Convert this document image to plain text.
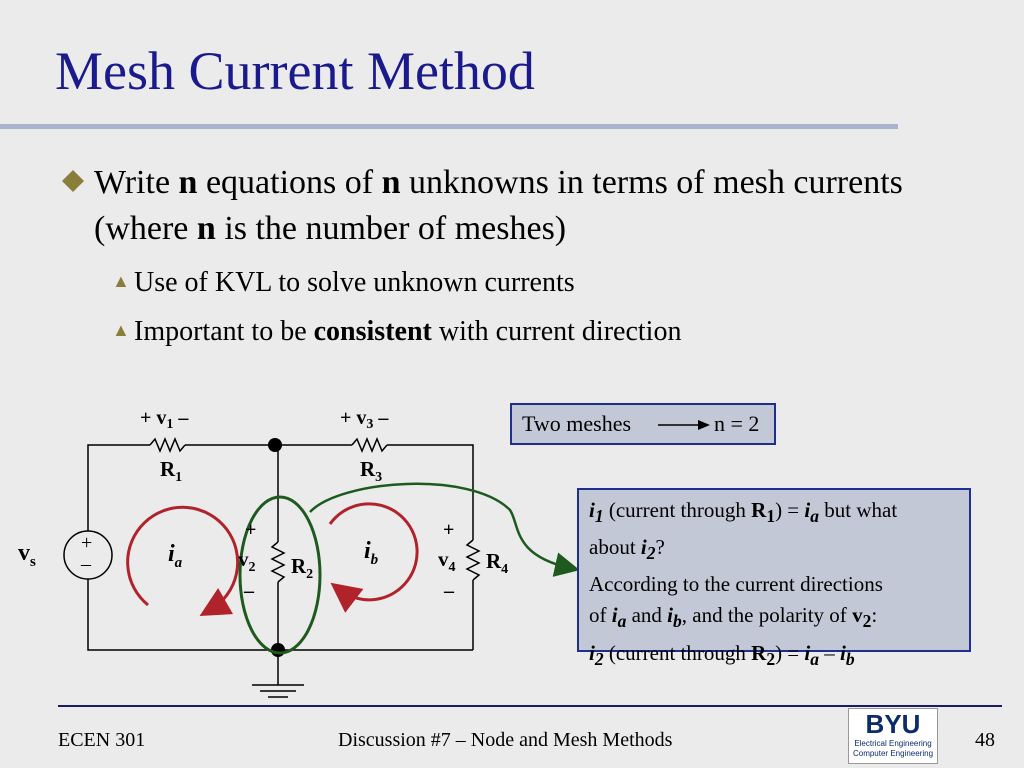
Mesh Current Method
Write n equations of n unknowns in terms of mesh currents (where n is the number of meshes)
▲ Use of KVL to solve unknown currents
▲ Important to be consistent with current direction
Two meshes	n = 2
+ $v_1$ –
$R_1$
+ $v_3$ –
$R_3$
$v_s$
+
–	$i_a$	$i_b$
+
$v_2$
–
$R_2$
+
$v_4$
–
$R_4$
$i_1$ (current through $R_1) = i_a$ but what
about $i_2$?
According to the current directions
of $i_a$ and $i_b$, and the polarity of $v_2$:
$i_2$ (current through $R_2) = i_a - i_b$
ECEN 301	Discussion #7 – Node and Mesh Methods	48
BYU
Electrical Engineering
Computer Engineering
